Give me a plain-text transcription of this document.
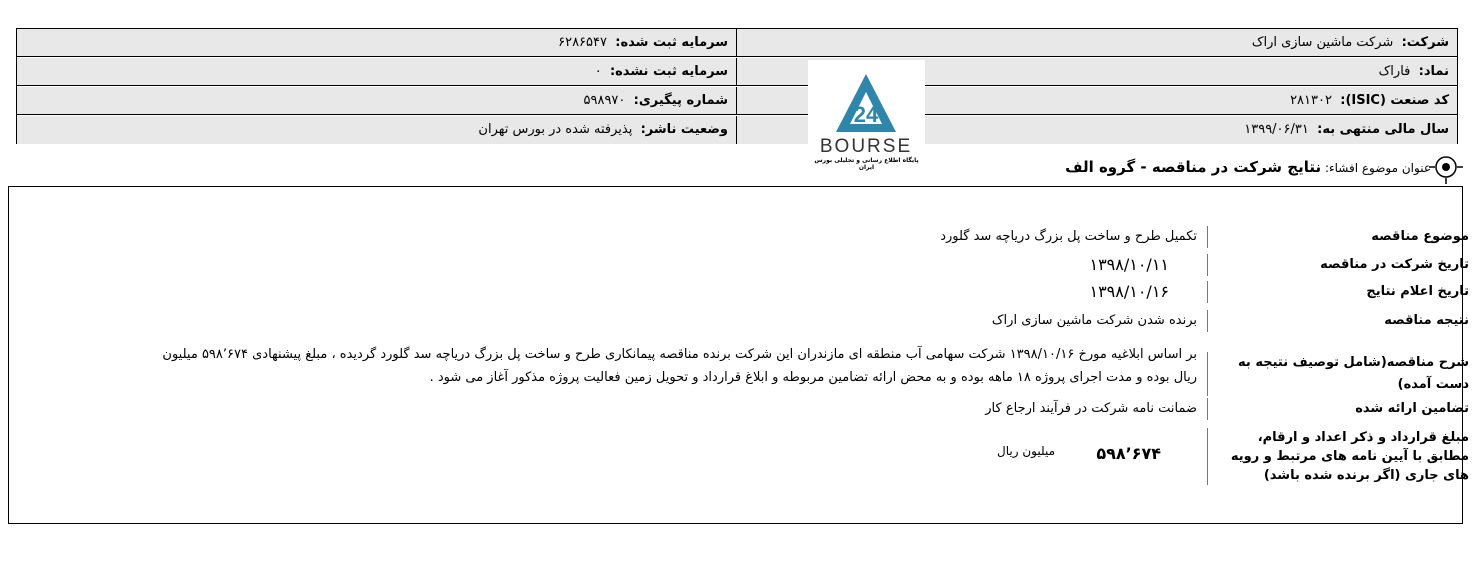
شرکت:  شرکت ماشین سازی اراک
سرمایه ثبت شده:  ۶۲۸۶۵۴۷
نماد:  فاراک
سرمایه ثبت نشده:  ۰
کد صنعت (ISIC):  ۲۸۱۳۰۲
شماره پیگیری:  ۵۹۸۹۷۰
سال مالی منتهی به:  ۱۳۹۹/۰۶/۳۱
وضعیت ناشر:  پذیرفته شده در بورس تهران
24
BOURSE
پایگاه اطلاع رسانی و تحلیلی بورس ایران	عنوان موضوع افشاء: نتایج شرکت در مناقصه - گروه الف
موضوع مناقصه
تکمیل طرح و ساخت پل بزرگ دریاچه سد گلورد
تاریخ شرکت در مناقصه
۱۳۹۸/۱۰/۱۱
تاریخ اعلام نتایج
۱۳۹۸/۱۰/۱۶
نتیجه مناقصه
برنده شدن شرکت ماشین سازی اراک
شرح مناقصه(شامل توصیف نتیجه به دست آمده)
بر اساس ابلاغیه مورخ ۱۳۹۸/۱۰/۱۶ شرکت سهامی آب منطقه ای مازندران این شرکت برنده مناقصه پیمانکاری طرح و ساخت پل بزرگ دریاچه سد گلورد گردیده ، مبلغ پیشنهادی ۵۹۸٬۶۷۴ میلیون ریال بوده و مدت اجرای پروژه ۱۸ ماهه بوده و به محض ارائه تضامین مربوطه و ابلاغ قرارداد و تحویل زمین فعالیت پروژه مذکور آغاز می شود .
تضامین ارائه شده
ضمانت نامه شرکت در فرآیند ارجاع کار
مبلغ قرارداد و ذکر اعداد و ارقام، مطابق با آیین نامه های مرتبط و رویه های جاری (اگر برنده شده باشد)
۵۹۸٬۶۷۴
میلیون ریال
